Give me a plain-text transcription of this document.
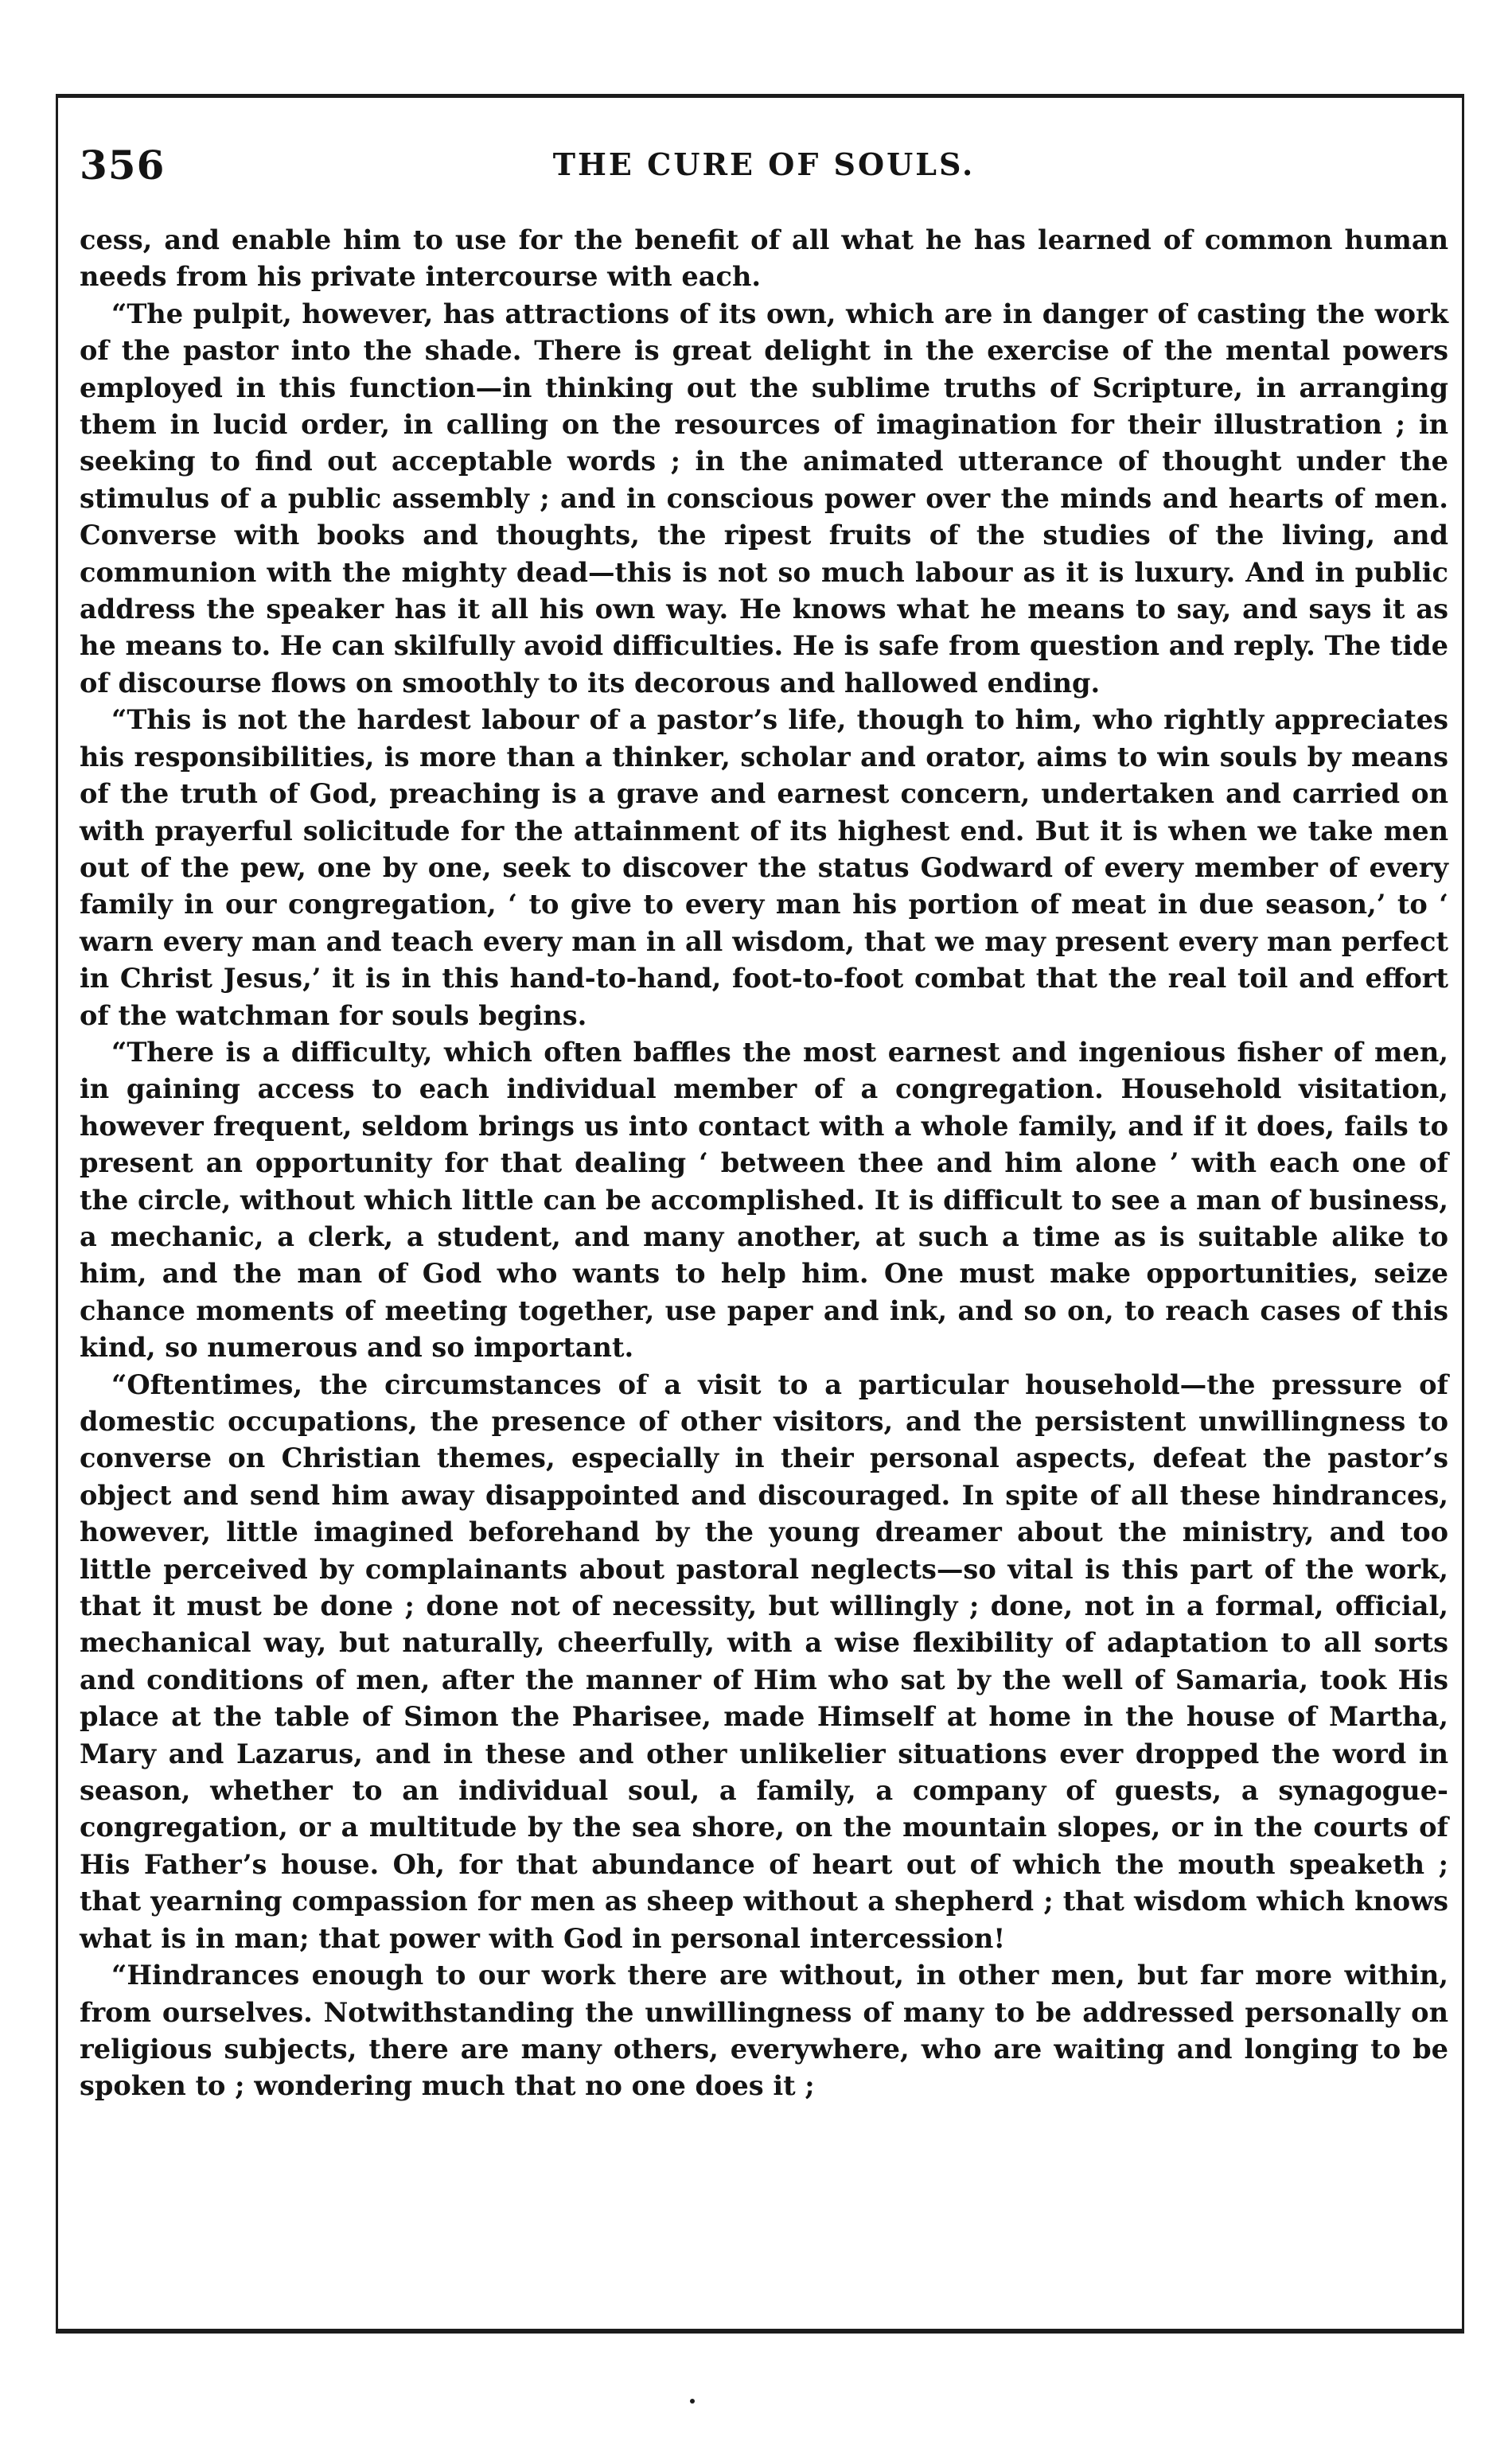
356	THE CURE OF SOULS.

cess, and enable him to use for the benefit of all what he has learned of common human needs from his private intercourse with each.

“The pulpit, however, has attractions of its own, which are in danger of casting the work of the pastor into the shade. There is great delight in the exercise of the mental powers employed in this function—in thinking out the sublime truths of Scripture, in arranging them in lucid order, in calling on the resources of imagination for their illustration ; in seeking to find out acceptable words ; in the animated utterance of thought under the stimulus of a public assembly ; and in conscious power over the minds and hearts of men. Converse with books and thoughts, the ripest fruits of the studies of the living, and communion with the mighty dead—this is not so much labour as it is luxury. And in public address the speaker has it all his own way. He knows what he means to say, and says it as he means to. He can skilfully avoid difficulties. He is safe from question and reply. The tide of discourse flows on smoothly to its decorous and hallowed ending.

“This is not the hardest labour of a pastor’s life, though to him, who rightly appreciates his responsibilities, is more than a thinker, scholar and orator, aims to win souls by means of the truth of God, preaching is a grave and earnest concern, undertaken and carried on with prayerful solicitude for the attainment of its highest end. But it is when we take men out of the pew, one by one, seek to discover the status Godward of every member of every family in our congregation, ‘ to give to every man his portion of meat in due season,’ to ‘ warn every man and teach every man in all wisdom, that we may present every man perfect in Christ Jesus,’ it is in this hand-to-hand, foot-to-foot combat that the real toil and effort of the watchman for souls begins.

“There is a difficulty, which often baffles the most earnest and ingenious fisher of men, in gaining access to each individual member of a congregation. Household visitation, however frequent, seldom brings us into contact with a whole family, and if it does, fails to present an opportunity for that dealing ‘ between thee and him alone ’ with each one of the circle, without which little can be accomplished. It is difficult to see a man of business, a mechanic, a clerk, a student, and many another, at such a time as is suitable alike to him, and the man of God who wants to help him. One must make opportunities, seize chance moments of meeting together, use paper and ink, and so on, to reach cases of this kind, so numerous and so important.

“Oftentimes, the circumstances of a visit to a particular household—the pressure of domestic occupations, the presence of other visitors, and the persistent unwillingness to converse on Christian themes, especially in their personal aspects, defeat the pastor’s object and send him away disappointed and discouraged. In spite of all these hindrances, however, little imagined beforehand by the young dreamer about the ministry, and too little perceived by complainants about pastoral neglects—so vital is this part of the work, that it must be done ; done not of necessity, but willingly ; done, not in a formal, official, mechanical way, but naturally, cheerfully, with a wise flexibility of adaptation to all sorts and conditions of men, after the manner of Him who sat by the well of Samaria, took His place at the table of Simon the Pharisee, made Himself at home in the house of Martha, Mary and Lazarus, and in these and other unlikelier situations ever dropped the word in season, whether to an individual soul, a family, a company of guests, a synagogue-congregation, or a multitude by the sea shore, on the mountain slopes, or in the courts of His Father’s house. Oh, for that abundance of heart out of which the mouth speaketh ; that yearning compassion for men as sheep without a shepherd ; that wisdom which knows what is in man; that power with God in personal intercession!

“Hindrances enough to our work there are without, in other men, but far more within, from ourselves. Notwithstanding the unwillingness of many to be addressed personally on religious subjects, there are many others, everywhere, who are waiting and longing to be spoken to ; wondering much that no one does it ;
